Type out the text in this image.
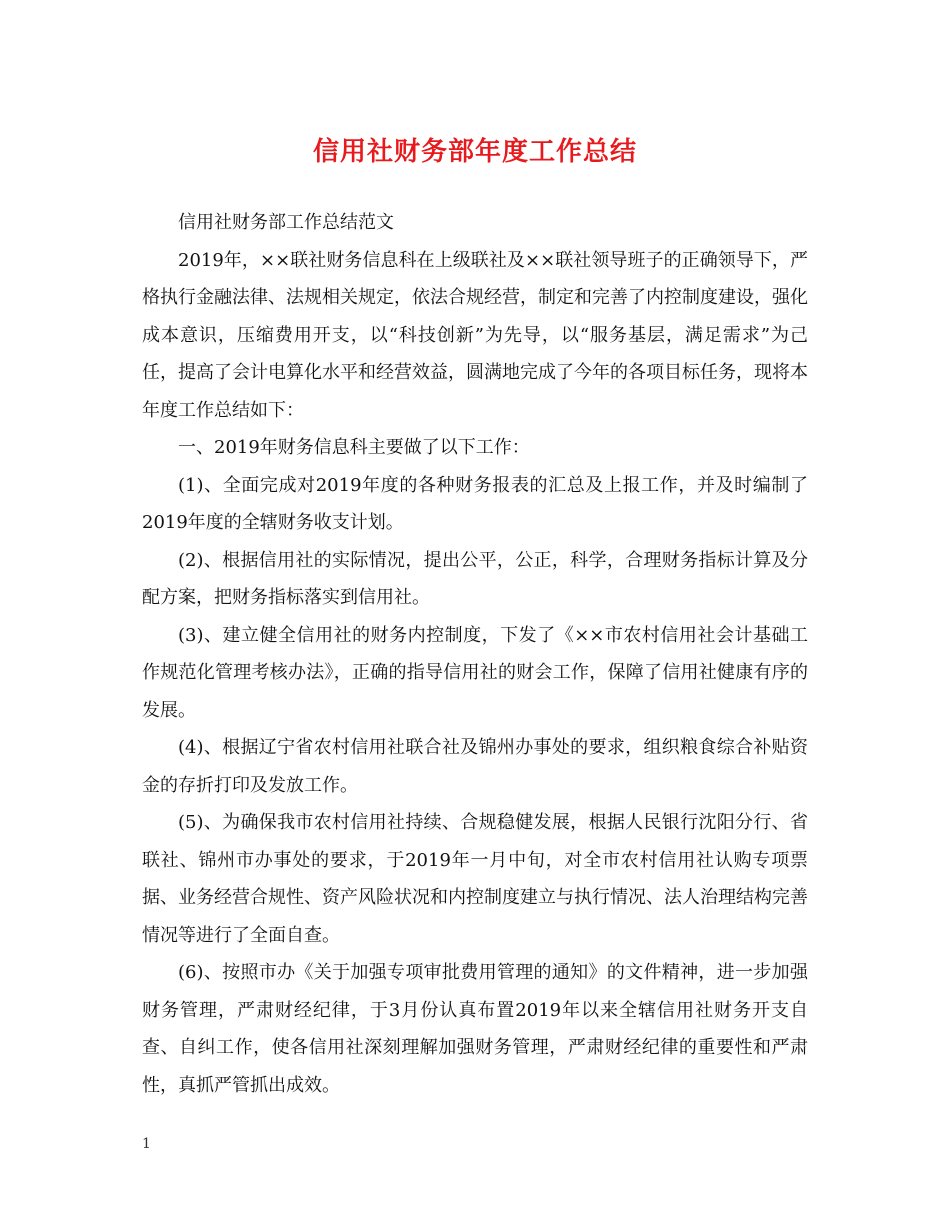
信用社财务部年度工作总结

信用社财务部工作总结范文

2019年，××联社财务信息科在上级联社及××联社领导班子的正确领导下，严格执行金融法律、法规相关规定，依法合规经营，制定和完善了内控制度建设，强化成本意识，压缩费用开支，以“科技创新”为先导，以“服务基层，满足需求”为己任，提高了会计电算化水平和经营效益，圆满地完成了今年的各项目标任务，现将本年度工作总结如下：

一、2019年财务信息科主要做了以下工作：

(1)、全面完成对2019年度的各种财务报表的汇总及上报工作，并及时编制了2019年度的全辖财务收支计划。

(2)、根据信用社的实际情况，提出公平，公正，科学，合理财务指标计算及分配方案，把财务指标落实到信用社。

(3)、建立健全信用社的财务内控制度，下发了《××市农村信用社会计基础工作规范化管理考核办法》，正确的指导信用社的财会工作，保障了信用社健康有序的发展。

(4)、根据辽宁省农村信用社联合社及锦州办事处的要求，组织粮食综合补贴资金的存折打印及发放工作。

(5)、为确保我市农村信用社持续、合规稳健发展，根据人民银行沈阳分行、省联社、锦州市办事处的要求，于2019年一月中旬，对全市农村信用社认购专项票据、业务经营合规性、资产风险状况和内控制度建立与执行情况、法人治理结构完善情况等进行了全面自查。

(6)、按照市办《关于加强专项审批费用管理的通知》的文件精神，进一步加强财务管理，严肃财经纪律，于3月份认真布置2019年以来全辖信用社财务开支自查、自纠工作，使各信用社深刻理解加强财务管理，严肃财经纪律的重要性和严肃性，真抓严管抓出成效。

1
